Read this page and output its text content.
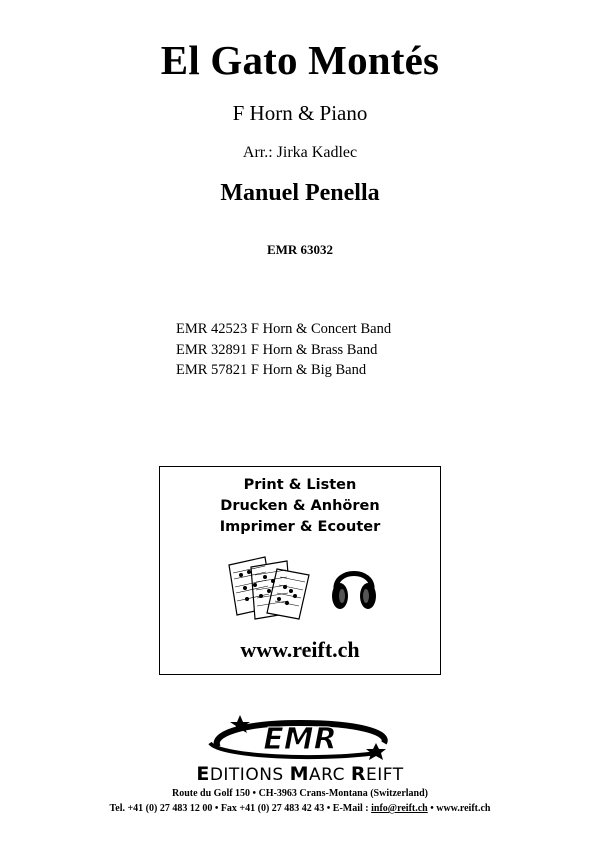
El Gato Montés
F Horn & Piano
Arr.: Jirka Kadlec
Manuel Penella
EMR 63032
EMR 42523 F Horn & Concert Band
EMR 32891 F Horn & Brass Band
EMR 57821 F Horn & Big Band
Print & Listen
Drucken & Anhören
Imprimer & Ecouter
www.reift.ch
EMR
EDITIONS MARC REIFT
Route du Golf 150 • CH-3963 Crans-Montana (Switzerland)
Tel. +41 (0) 27 483 12 00 • Fax +41 (0) 27 483 42 43 • E-Mail : info@reift.ch • www.reift.ch
